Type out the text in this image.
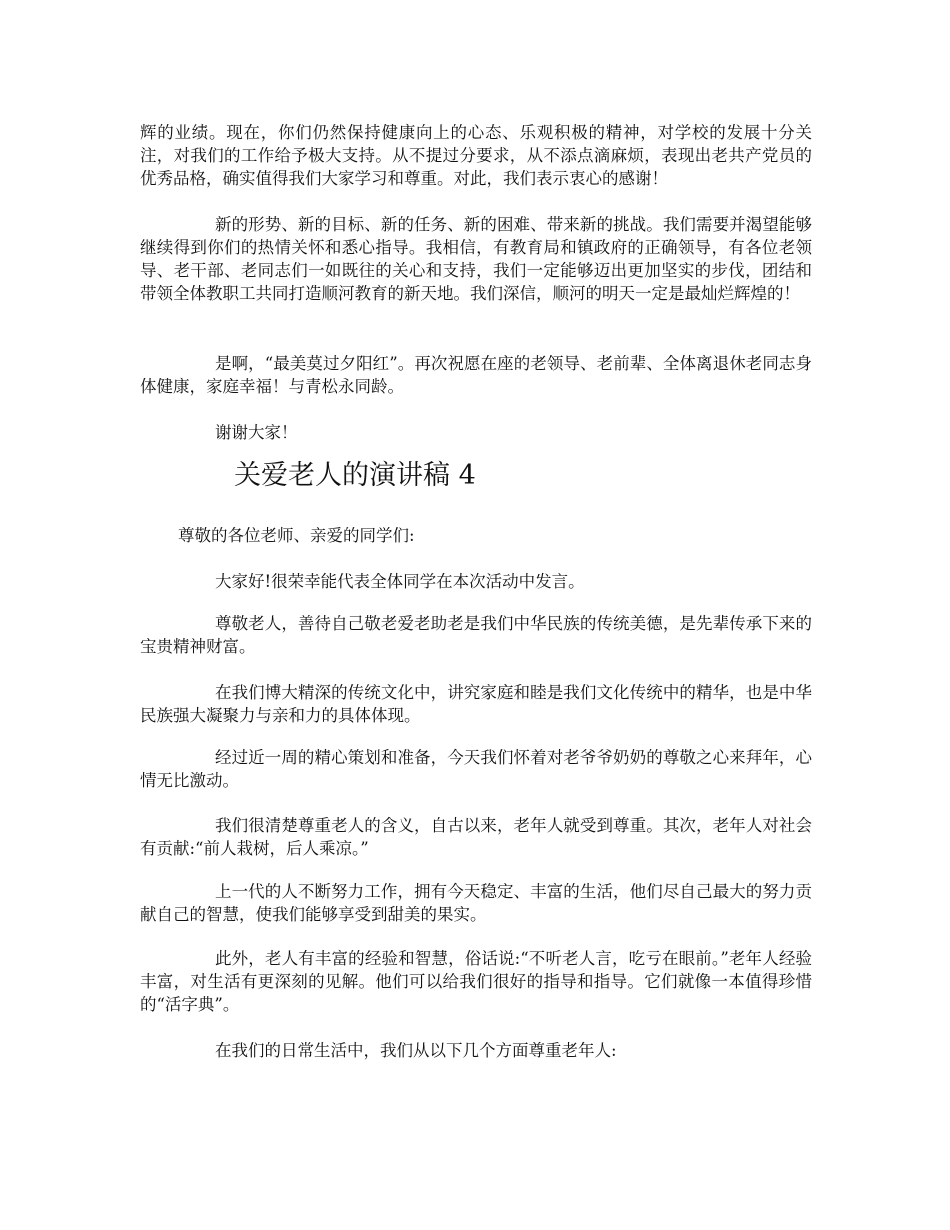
辉的业绩。现在，你们仍然保持健康向上的心态、乐观积极的精神，对学校的发展十分关注，对我们的工作给予极大支持。从不提过分要求，从不添点滴麻烦，表现出老共产党员的优秀品格，确实值得我们大家学习和尊重。对此，我们表示衷心的感谢！

新的形势、新的目标、新的任务、新的困难、带来新的挑战。我们需要并渴望能够继续得到你们的热情关怀和悉心指导。我相信，有教育局和镇政府的正确领导，有各位老领导、老干部、老同志们一如既往的关心和支持，我们一定能够迈出更加坚实的步伐，团结和带领全体教职工共同打造顺河教育的新天地。我们深信，顺河的明天一定是最灿烂辉煌的！

是啊，“最美莫过夕阳红”。再次祝愿在座的老领导、老前辈、全体离退休老同志身体健康，家庭幸福！与青松永同龄。

谢谢大家！

关爱老人的演讲稿 4

尊敬的各位老师、亲爱的同学们:

大家好!很荣幸能代表全体同学在本次活动中发言。

尊敬老人，善待自己敬老爱老助老是我们中华民族的传统美德，是先辈传承下来的宝贵精神财富。

在我们博大精深的传统文化中，讲究家庭和睦是我们文化传统中的精华，也是中华民族强大凝聚力与亲和力的具体体现。

经过近一周的精心策划和准备，今天我们怀着对老爷爷奶奶的尊敬之心来拜年，心情无比激动。

我们很清楚尊重老人的含义，自古以来，老年人就受到尊重。其次，老年人对社会有贡献:“前人栽树，后人乘凉。”

上一代的人不断努力工作，拥有今天稳定、丰富的生活，他们尽自己最大的努力贡献自己的智慧，使我们能够享受到甜美的果实。

此外，老人有丰富的经验和智慧，俗话说:“不听老人言，吃亏在眼前。”老年人经验丰富，对生活有更深刻的见解。他们可以给我们很好的指导和指导。它们就像一本值得珍惜的“活字典”。

在我们的日常生活中，我们从以下几个方面尊重老年人:
